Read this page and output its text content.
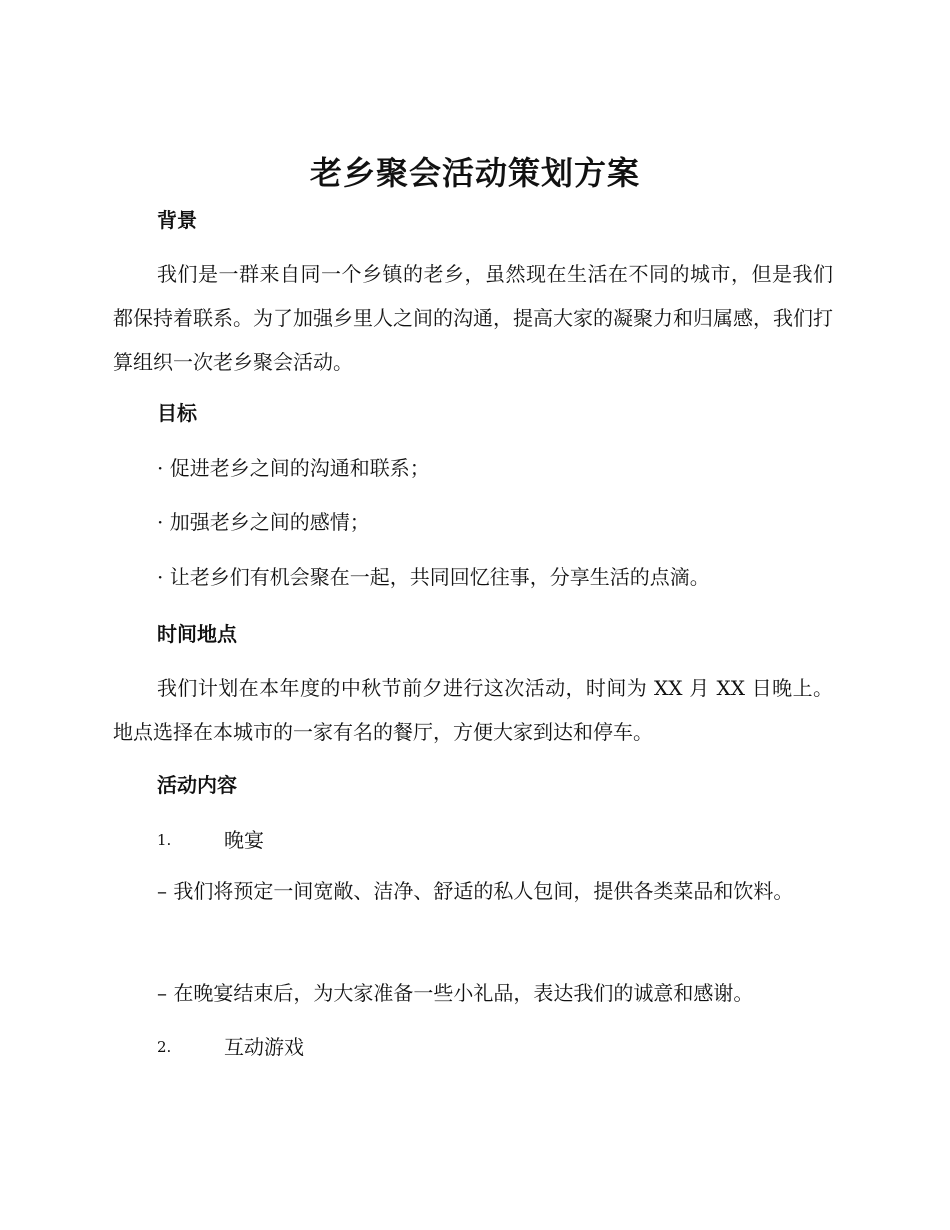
老乡聚会活动策划方案
背景
我们是一群来自同一个乡镇的老乡，虽然现在生活在不同的城市，但是我们都保持着联系。为了加强乡里人之间的沟通，提高大家的凝聚力和归属感，我们打算组织一次老乡聚会活动。
目标
· 促进老乡之间的沟通和联系；
· 加强老乡之间的感情；
· 让老乡们有机会聚在一起，共同回忆往事，分享生活的点滴。
时间地点
我们计划在本年度的中秋节前夕进行这次活动，时间为 XX 月 XX 日晚上。地点选择在本城市的一家有名的餐厅，方便大家到达和停车。
活动内容
1.	晚宴
– 我们将预定一间宽敞、洁净、舒适的私人包间，提供各类菜品和饮料。
– 在晚宴结束后，为大家准备一些小礼品，表达我们的诚意和感谢。
2.	互动游戏
